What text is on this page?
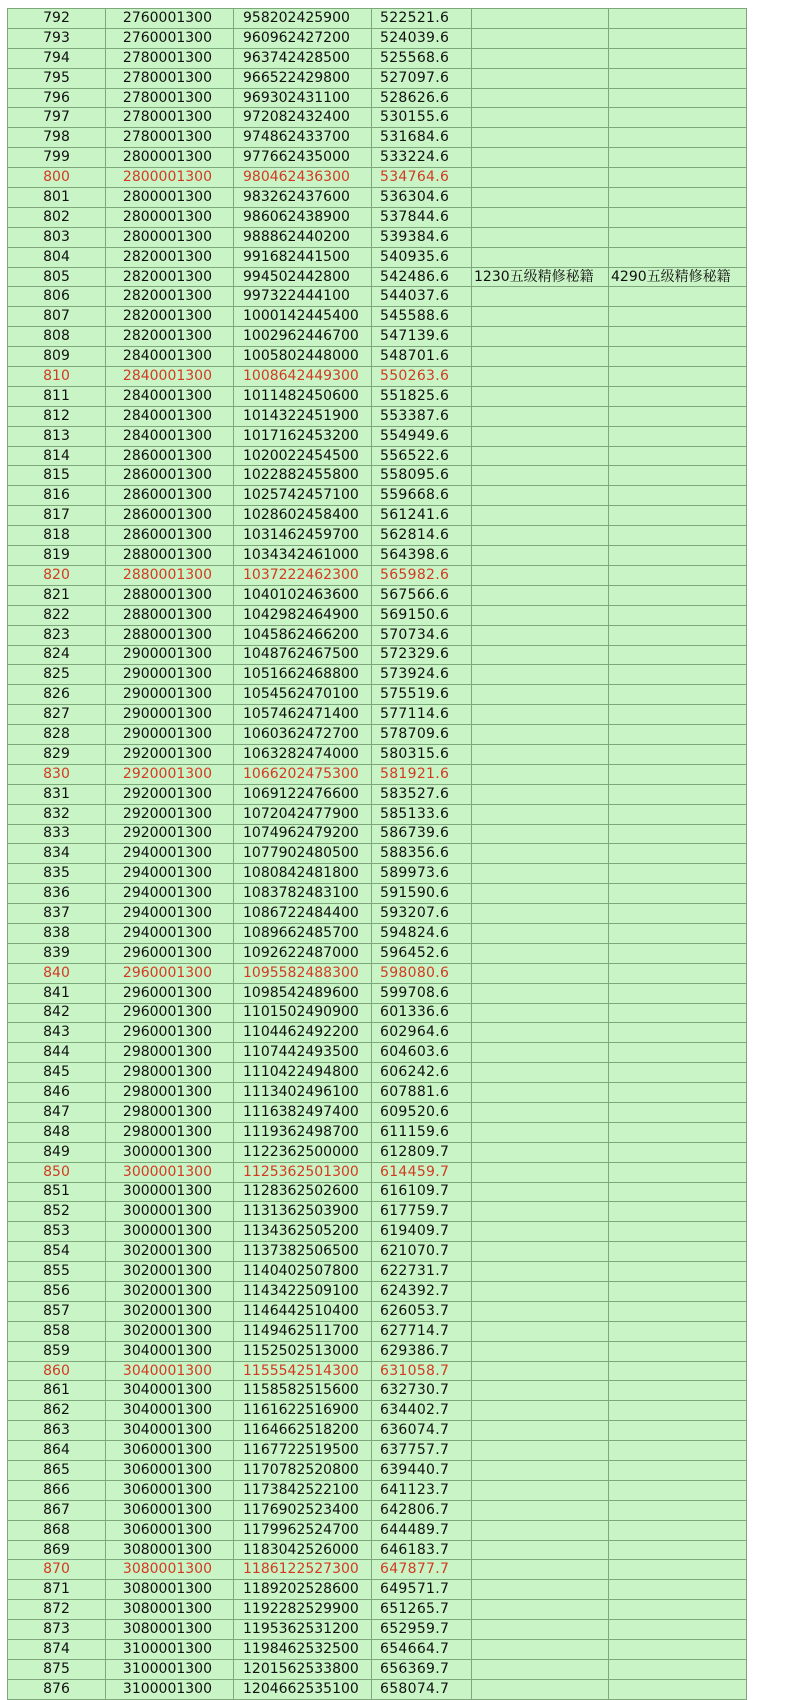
792	2760001300	958202425900	522521.6		
793	2760001300	960962427200	524039.6		
794	2780001300	963742428500	525568.6		
795	2780001300	966522429800	527097.6		
796	2780001300	969302431100	528626.6		
797	2780001300	972082432400	530155.6		
798	2780001300	974862433700	531684.6		
799	2800001300	977662435000	533224.6		
800	2800001300	980462436300	534764.6		
801	2800001300	983262437600	536304.6		
802	2800001300	986062438900	537844.6		
803	2800001300	988862440200	539384.6		
804	2820001300	991682441500	540935.6		
805	2820001300	994502442800	542486.6	1230五级精修秘籍	4290五级精修秘籍
806	2820001300	997322444100	544037.6		
807	2820001300	1000142445400	545588.6		
808	2820001300	1002962446700	547139.6		
809	2840001300	1005802448000	548701.6		
810	2840001300	1008642449300	550263.6		
811	2840001300	1011482450600	551825.6		
812	2840001300	1014322451900	553387.6		
813	2840001300	1017162453200	554949.6		
814	2860001300	1020022454500	556522.6		
815	2860001300	1022882455800	558095.6		
816	2860001300	1025742457100	559668.6		
817	2860001300	1028602458400	561241.6		
818	2860001300	1031462459700	562814.6		
819	2880001300	1034342461000	564398.6		
820	2880001300	1037222462300	565982.6		
821	2880001300	1040102463600	567566.6		
822	2880001300	1042982464900	569150.6		
823	2880001300	1045862466200	570734.6		
824	2900001300	1048762467500	572329.6		
825	2900001300	1051662468800	573924.6		
826	2900001300	1054562470100	575519.6		
827	2900001300	1057462471400	577114.6		
828	2900001300	1060362472700	578709.6		
829	2920001300	1063282474000	580315.6		
830	2920001300	1066202475300	581921.6		
831	2920001300	1069122476600	583527.6		
832	2920001300	1072042477900	585133.6		
833	2920001300	1074962479200	586739.6		
834	2940001300	1077902480500	588356.6		
835	2940001300	1080842481800	589973.6		
836	2940001300	1083782483100	591590.6		
837	2940001300	1086722484400	593207.6		
838	2940001300	1089662485700	594824.6		
839	2960001300	1092622487000	596452.6		
840	2960001300	1095582488300	598080.6		
841	2960001300	1098542489600	599708.6		
842	2960001300	1101502490900	601336.6		
843	2960001300	1104462492200	602964.6		
844	2980001300	1107442493500	604603.6		
845	2980001300	1110422494800	606242.6		
846	2980001300	1113402496100	607881.6		
847	2980001300	1116382497400	609520.6		
848	2980001300	1119362498700	611159.6		
849	3000001300	1122362500000	612809.7		
850	3000001300	1125362501300	614459.7		
851	3000001300	1128362502600	616109.7		
852	3000001300	1131362503900	617759.7		
853	3000001300	1134362505200	619409.7		
854	3020001300	1137382506500	621070.7		
855	3020001300	1140402507800	622731.7		
856	3020001300	1143422509100	624392.7		
857	3020001300	1146442510400	626053.7		
858	3020001300	1149462511700	627714.7		
859	3040001300	1152502513000	629386.7		
860	3040001300	1155542514300	631058.7		
861	3040001300	1158582515600	632730.7		
862	3040001300	1161622516900	634402.7		
863	3040001300	1164662518200	636074.7		
864	3060001300	1167722519500	637757.7		
865	3060001300	1170782520800	639440.7		
866	3060001300	1173842522100	641123.7		
867	3060001300	1176902523400	642806.7		
868	3060001300	1179962524700	644489.7		
869	3080001300	1183042526000	646183.7		
870	3080001300	1186122527300	647877.7		
871	3080001300	1189202528600	649571.7		
872	3080001300	1192282529900	651265.7		
873	3080001300	1195362531200	652959.7		
874	3100001300	1198462532500	654664.7		
875	3100001300	1201562533800	656369.7		
876	3100001300	1204662535100	658074.7		
